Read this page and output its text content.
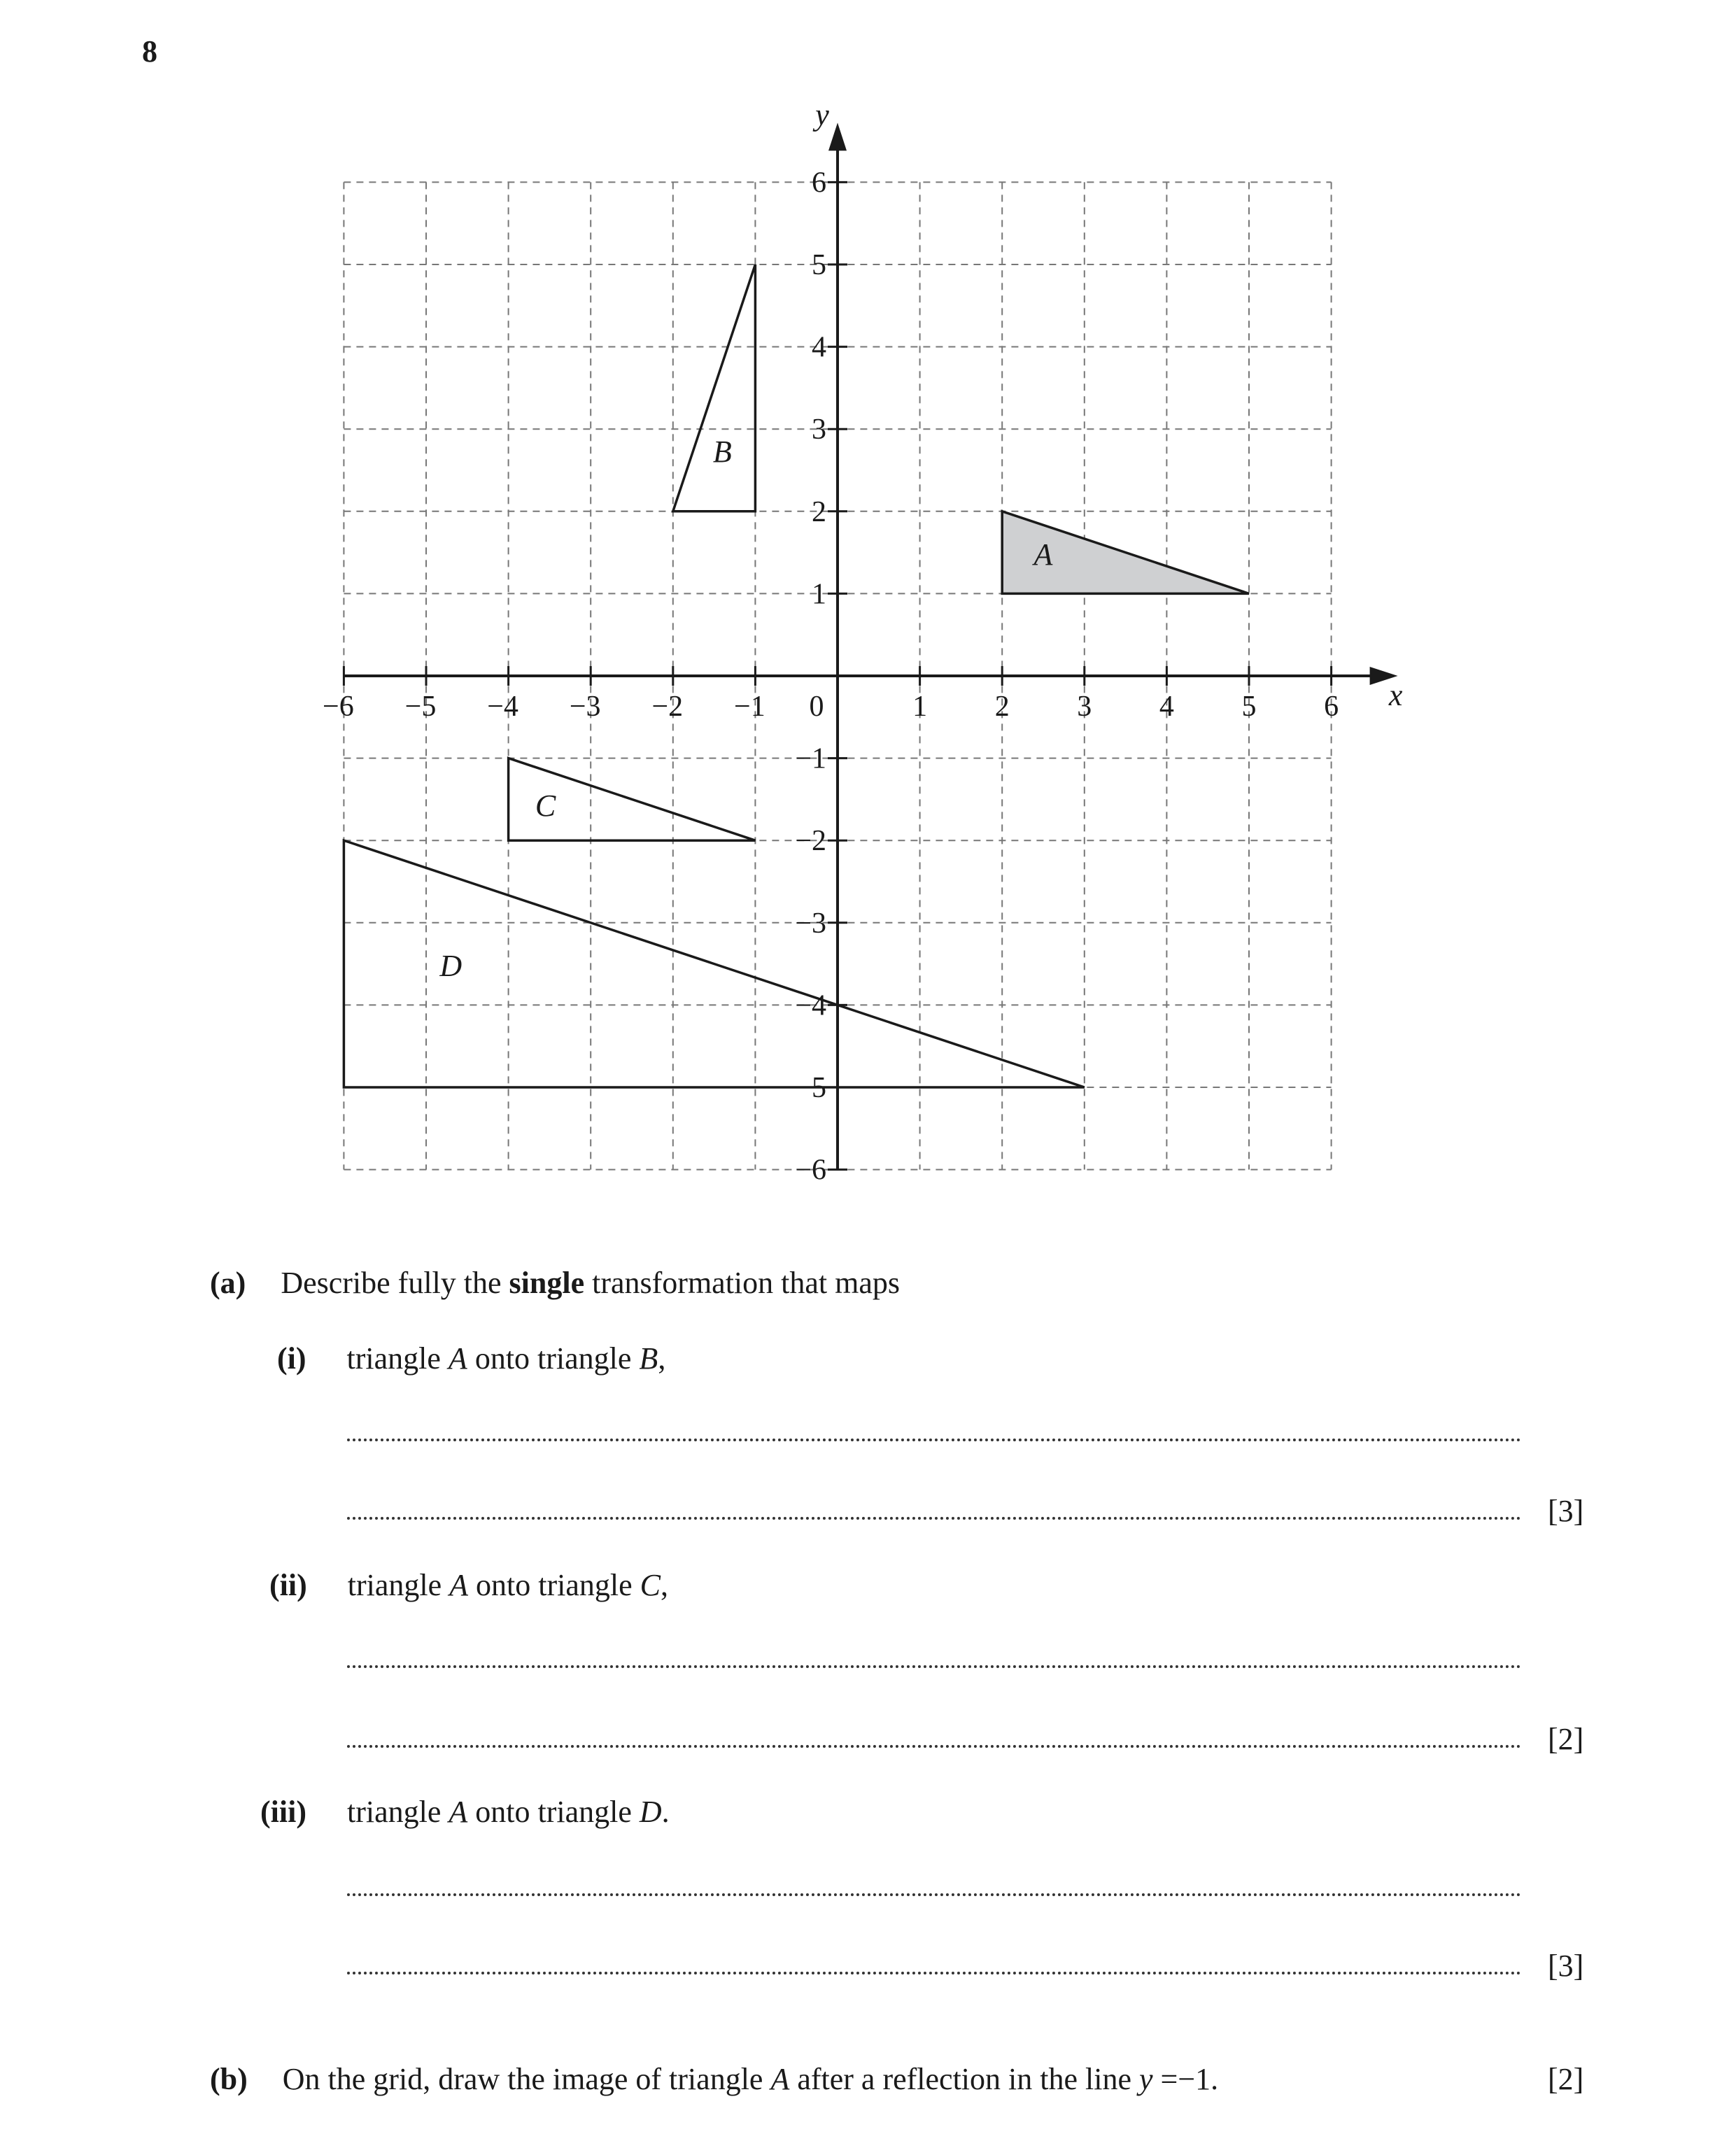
8
A
B
C
D
−6 −5 −4 −3 −2 −1	1 2 3 4 5 6
6
5
4
3
2
1
−1
−2
−3
−4
−5
−6
0	x
y
(a) Describe fully the single transformation that maps
(i) triangle A onto triangle B,
[3]
(ii) triangle A onto triangle C,
[2]
(iii) triangle A onto triangle D.
[3]
(b) On the grid, draw the image of triangle A after a reflection in the line y =−1.	[2]
